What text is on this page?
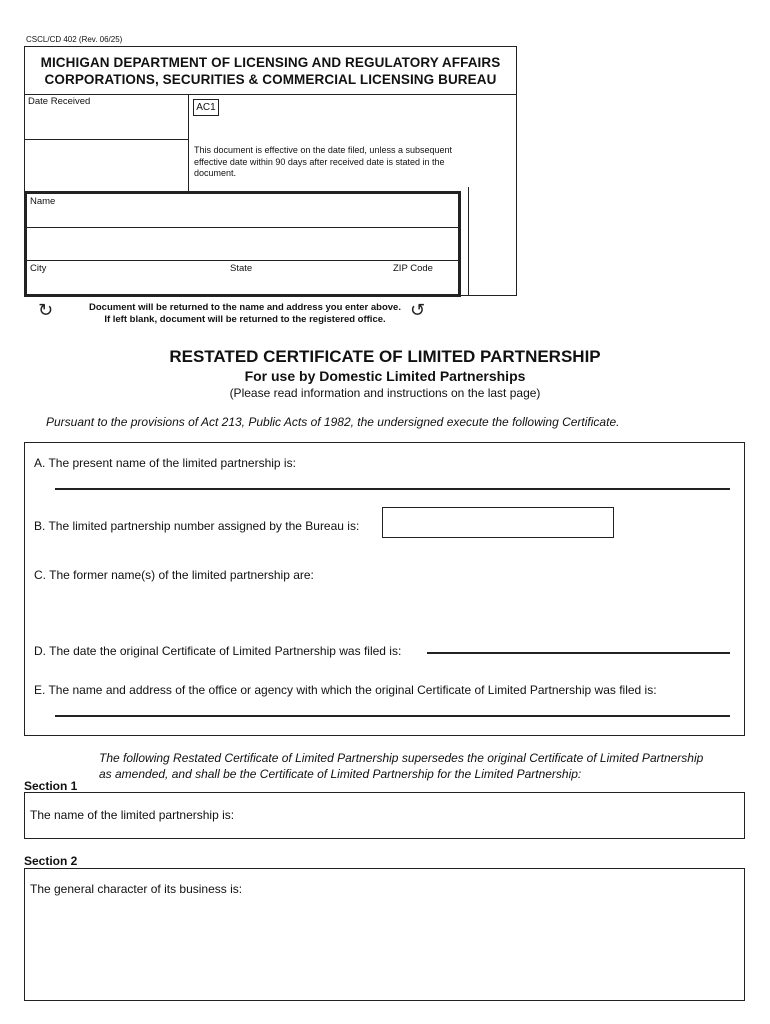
CSCL/CD 402 (Rev. 06/25)
MICHIGAN DEPARTMENT OF LICENSING AND REGULATORY AFFAIRS
CORPORATIONS, SECURITIES & COMMERCIAL LICENSING BUREAU
Date Received
AC1
This document is effective on the date filed, unless a subsequent effective date within 90 days after received date is stated in the document.
Name
City	State	ZIP Code
↻	Document will be returned to the name and address you enter above.
If left blank, document will be returned to the registered office.	↺
RESTATED CERTIFICATE OF LIMITED PARTNERSHIP
For use by Domestic Limited Partnerships
(Please read information and instructions on the last page)
Pursuant to the provisions of Act 213, Public Acts of 1982, the undersigned execute the following Certificate.
A. The present name of the limited partnership is:
B. The limited partnership number assigned by the Bureau is:
C. The former name(s) of the limited partnership are:
D. The date the original Certificate of Limited Partnership was filed is:
E. The name and address of the office or agency with which the original Certificate of Limited Partnership was filed is:
The following Restated Certificate of Limited Partnership supersedes the original Certificate of Limited Partnership as amended, and shall be the Certificate of Limited Partnership for the Limited Partnership:
Section 1
The name of the limited partnership is:
Section 2
The general character of its business is:
